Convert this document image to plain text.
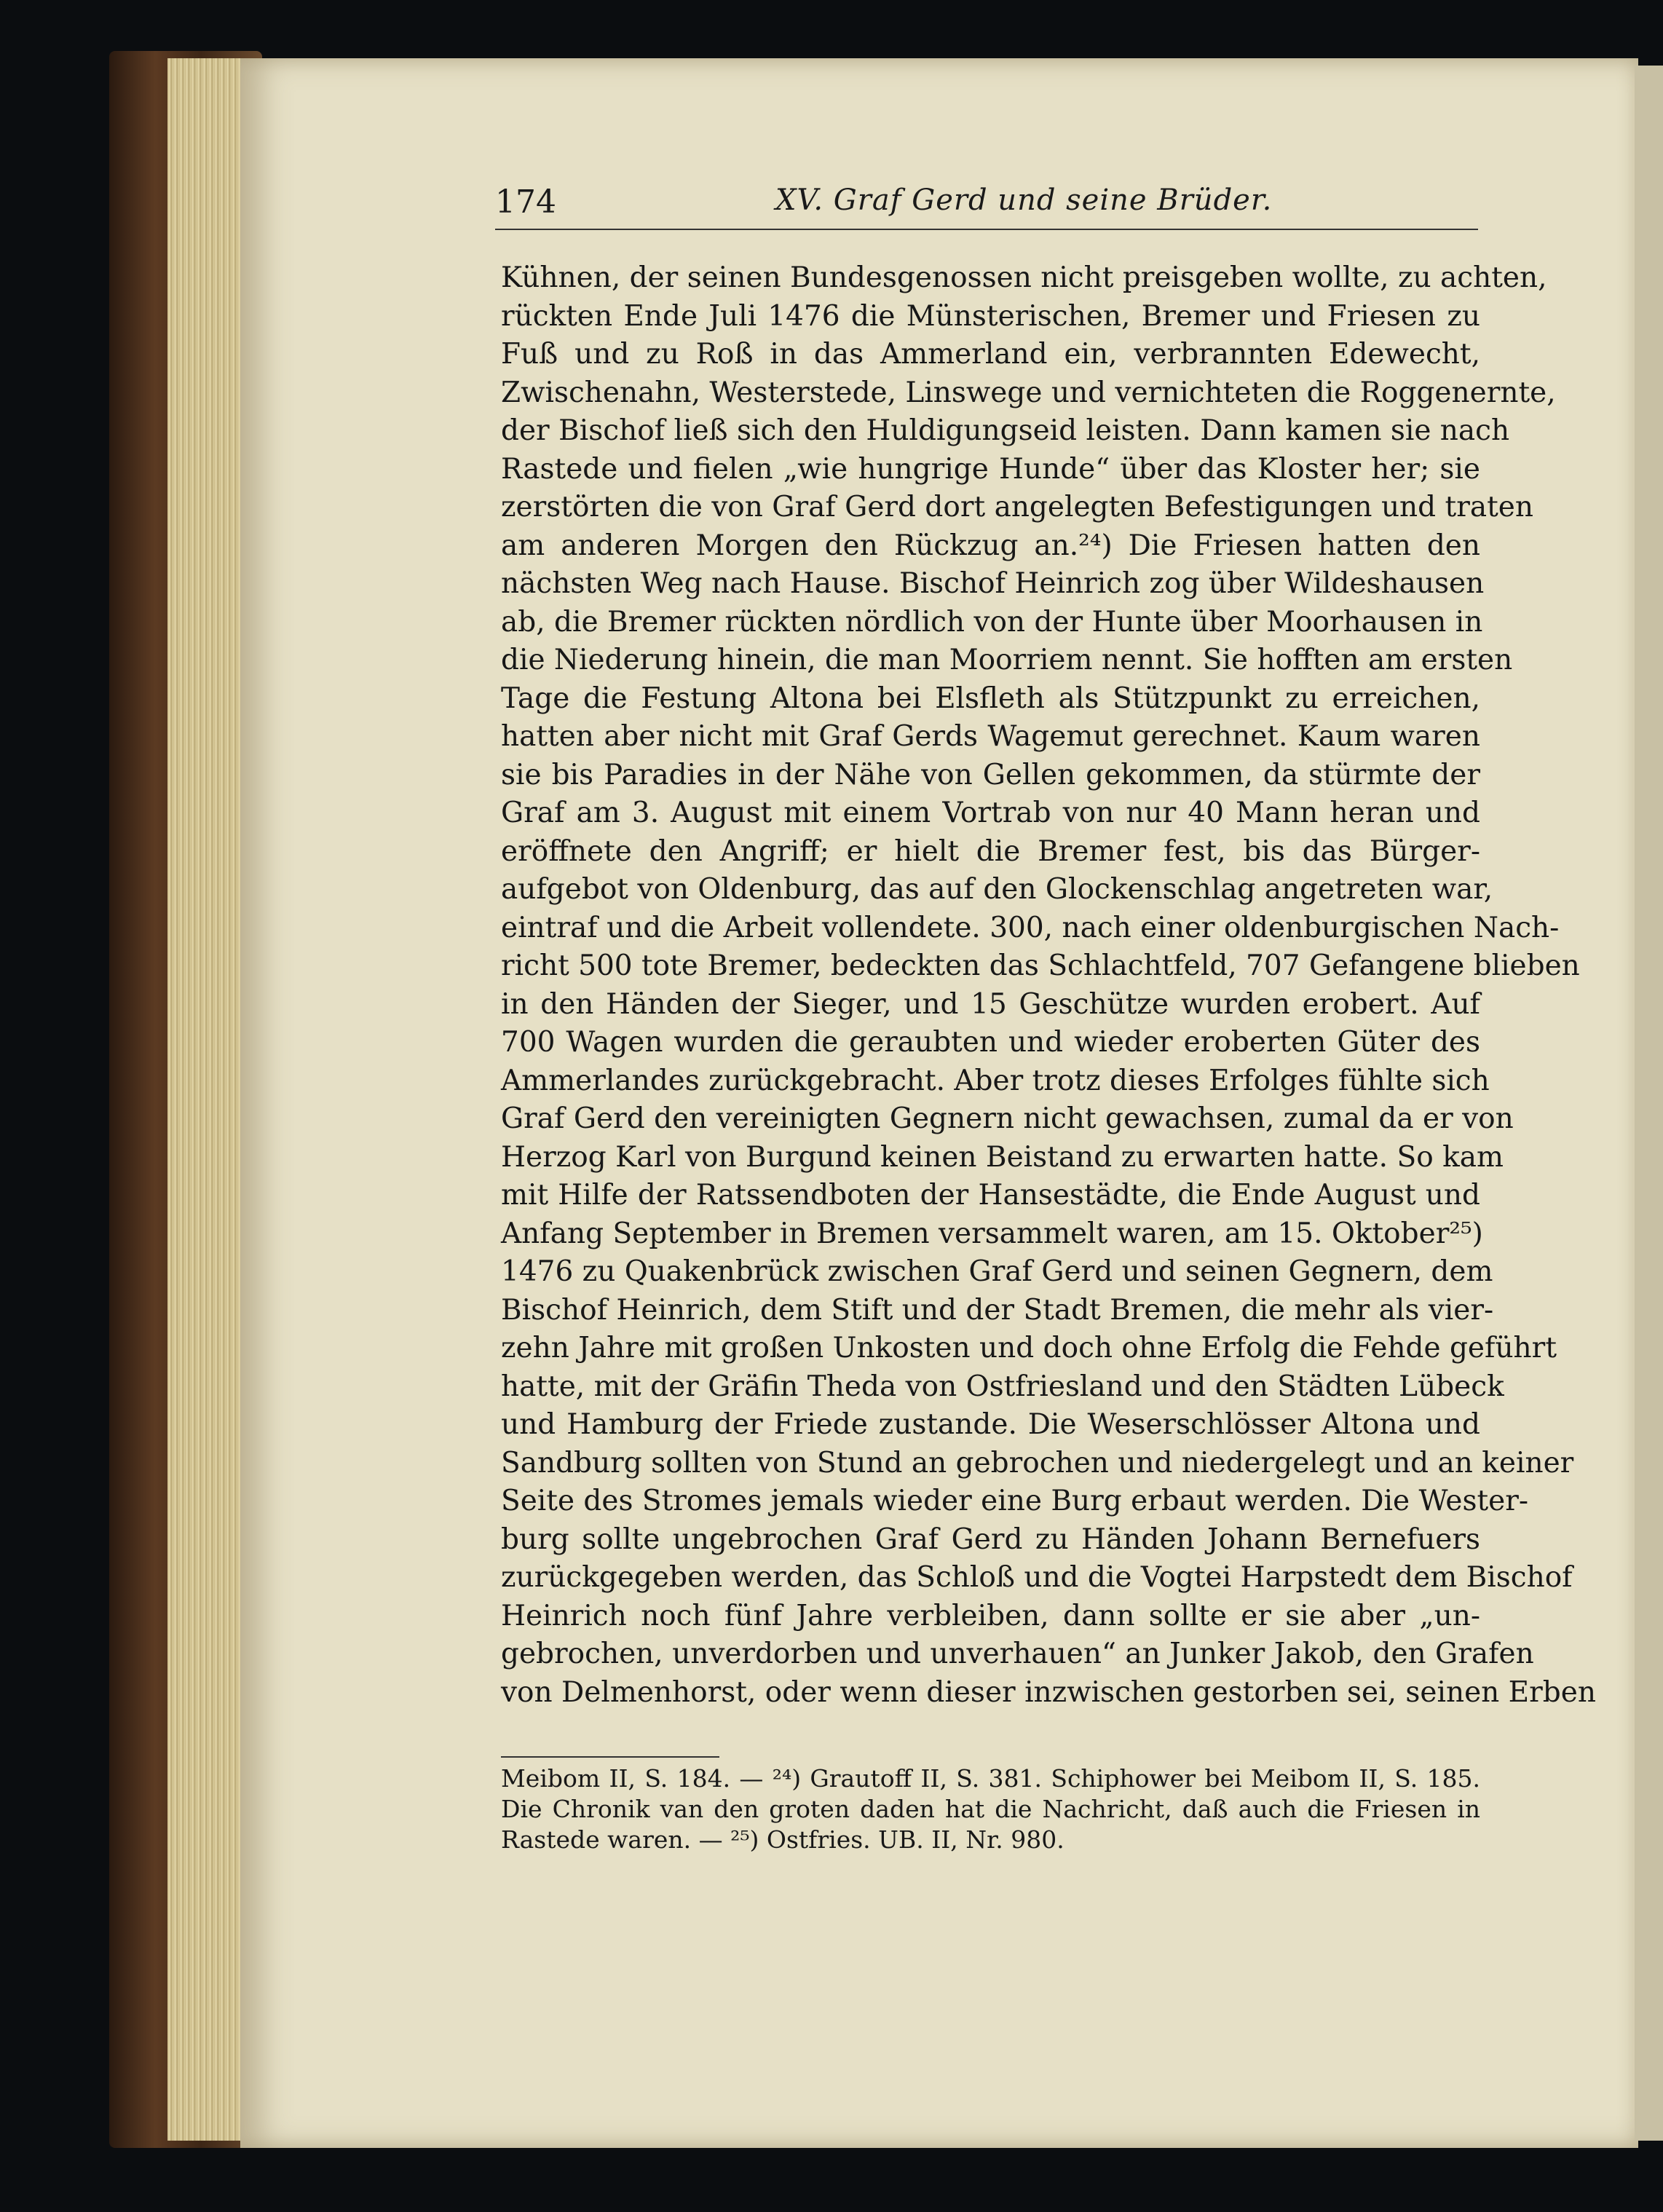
174	XV. Graf Gerd und seine Brüder.
Kühnen, der seinen Bundesgenossen nicht preisgeben wollte, zu achten,
rückten Ende Juli 1476 die Münsterischen, Bremer und Friesen zu
Fuß und zu Roß in das Ammerland ein, verbrannten Edewecht,
Zwischenahn, Westerstede, Linswege und vernichteten die Roggenernte,
der Bischof ließ sich den Huldigungseid leisten. Dann kamen sie nach
Rastede und fielen „wie hungrige Hunde“ über das Kloster her; sie
zerstörten die von Graf Gerd dort angelegten Befestigungen und traten
am anderen Morgen den Rückzug an.²⁴) Die Friesen hatten den
nächsten Weg nach Hause. Bischof Heinrich zog über Wildeshausen
ab, die Bremer rückten nördlich von der Hunte über Moorhausen in
die Niederung hinein, die man Moorriem nennt. Sie hofften am ersten
Tage die Festung Altona bei Elsfleth als Stützpunkt zu erreichen,
hatten aber nicht mit Graf Gerds Wagemut gerechnet. Kaum waren
sie bis Paradies in der Nähe von Gellen gekommen, da stürmte der
Graf am 3. August mit einem Vortrab von nur 40 Mann heran und
eröffnete den Angriff; er hielt die Bremer fest, bis das Bürger-
aufgebot von Oldenburg, das auf den Glockenschlag angetreten war,
eintraf und die Arbeit vollendete. 300, nach einer oldenburgischen Nach-
richt 500 tote Bremer, bedeckten das Schlachtfeld, 707 Gefangene blieben
in den Händen der Sieger, und 15 Geschütze wurden erobert. Auf
700 Wagen wurden die geraubten und wieder eroberten Güter des
Ammerlandes zurückgebracht. Aber trotz dieses Erfolges fühlte sich
Graf Gerd den vereinigten Gegnern nicht gewachsen, zumal da er von
Herzog Karl von Burgund keinen Beistand zu erwarten hatte. So kam
mit Hilfe der Ratssendboten der Hansestädte, die Ende August und
Anfang September in Bremen versammelt waren, am 15. Oktober²⁵)
1476 zu Quakenbrück zwischen Graf Gerd und seinen Gegnern, dem
Bischof Heinrich, dem Stift und der Stadt Bremen, die mehr als vier-
zehn Jahre mit großen Unkosten und doch ohne Erfolg die Fehde geführt
hatte, mit der Gräfin Theda von Ostfriesland und den Städten Lübeck
und Hamburg der Friede zustande. Die Weserschlösser Altona und
Sandburg sollten von Stund an gebrochen und niedergelegt und an keiner
Seite des Stromes jemals wieder eine Burg erbaut werden. Die Wester-
burg sollte ungebrochen Graf Gerd zu Händen Johann Bernefuers
zurückgegeben werden, das Schloß und die Vogtei Harpstedt dem Bischof
Heinrich noch fünf Jahre verbleiben, dann sollte er sie aber „un-
gebrochen, unverdorben und unverhauen“ an Junker Jakob, den Grafen
von Delmenhorst, oder wenn dieser inzwischen gestorben sei, seinen Erben
Meibom II, S. 184. — ²⁴) Grautoff II, S. 381. Schiphower bei Meibom II, S. 185.
Die Chronik van den groten daden hat die Nachricht, daß auch die Friesen in
Rastede waren. — ²⁵) Ostfries. UB. II, Nr. 980.
